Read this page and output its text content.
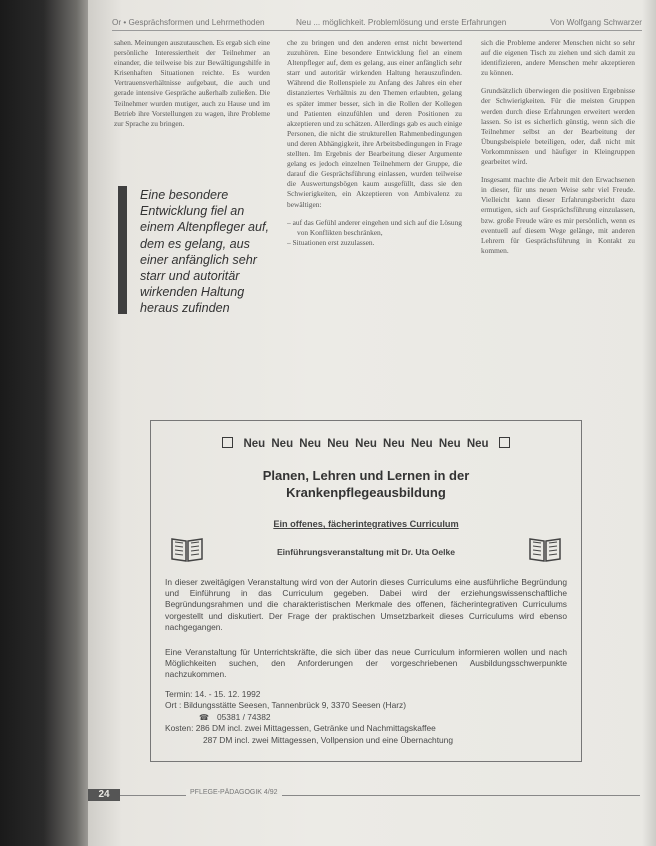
Or • Gesprächsformen und Lehrmethoden	Neu ... möglichkeit. Problemlösung und erste Erfahrungen	Von Wolfgang Schwarzer

sahen. Meinungen auszutauschen. Es ergab sich eine persönliche Interessiertheit der Teilnehmer an einander, die teilweise bis zur Bewältigungshilfe in Krisenhaften Situationen reichte. Es wurden Vertrauensverhältnisse aufgebaut, die auch und gerade intensive Gespräche außerhalb zuließen. Die Teilnehmer wurden mutiger, auch zu Hause und im Betrieb ihre Vorstellungen zu wagen, ihre Probleme zur Sprache zu bringen.

Eine besondere Entwicklung fiel an einem Altenpfleger auf, dem es gelang, aus einer anfänglich sehr starr und autoritär wirkenden Haltung heraus zufinden

che zu bringen und den anderen ernst nicht bewertend zuzuhören. Eine besondere Entwicklung fiel an einem Altenpfleger auf, dem es gelang, aus einer anfänglich sehr starr und autoritär wirkenden Haltung herauszufinden. Während die Rollenspiele zu Anfang des Jahres ein eher distanziertes Verhältnis zu den Themen erlaubten, gelang es später immer besser, sich in die Rollen der Kollegen und Patienten einzufühlen und deren Positionen zu akzeptieren und zu schätzen. Allerdings gab es auch einige Personen, die nicht die strukturellen Rahmenbedingungen und deren Abhängigkeit, ihre Arbeitsbedingungen in Frage stellten. Im Ergebnis der Bearbeitung dieser Argumente gelang es jedoch einzelnen Teilnehmern der Gruppe, die darauf die Gesprächsführung einlassen, wurden teilweise die Auswertungsbögen kaum ausgefüllt, dass sie den Schwierigkeiten, ein Akzeptieren von Ambivalenz zu bewältigen:

– auf das Gefühl anderer eingehen und sich auf die Lösung von Konflikten beschränken,

– Situationen erst zuzulassen.

sich die Probleme anderer Menschen nicht so sehr auf die eigenen Tisch zu ziehen und sich damit zu identifizieren, andere Menschen mehr akzeptieren zu können.

Grundsätzlich überwiegen die positiven Ergebnisse der Schwierigkeiten. Für die meisten Gruppen werden durch diese Erfahrungen erweitert werden lassen. So ist es sicherlich günstig, wenn sich die Teilnehmer selbst an der Bearbeitung der Übungsbeispiele beteiligen, oder, daß nicht mit Vorkommnissen und häufiger in Kleingruppen gearbeitet wird.

Insgesamt machte die Arbeit mit den Erwachsenen in dieser, für uns neuen Weise sehr viel Freude. Vielleicht kann dieser Erfahrungsbericht dazu ermutigen, sich auf Gesprächsführung einzulassen, bzw. große Freude wäre es mir persönlich, wenn es eventuell auf diesem Wege gelänge, mit anderen Lehrern für Gesprächsführung in Kontakt zu kommen.

Neu Neu Neu Neu Neu Neu Neu Neu Neu
Planen, Lehren und Lernen in der
Krankenpflegeausbildung
Ein offenes, fächerintegratives Curriculum
Einführungsveranstaltung mit Dr. Uta Oelke
In dieser zweitägigen Veranstaltung wird von der Autorin dieses Curriculums eine ausführliche Begründung und Einführung in das Curriculum gegeben. Dabei wird der erziehungswissenschaftliche Begründungsrahmen und die charakteristischen Merkmale des offenen, fächerintegrativen Curriculums vorgestellt und diskutiert. Der Frage der praktischen Umsetzbarkeit dieses Curriculums wird ebenso nachgegangen.
Eine Veranstaltung für Unterrichtskräfte, die sich über das neue Curriculum informieren wollen und nach Möglichkeiten suchen, den Anforderungen der vorgeschriebenen Ausbildungsschwerpunkte nachzukommen.
Termin: 14. - 15. 12. 1992
Ort : Bildungsstätte Seesen, Tannenbrück 9, 3370 Seesen (Harz)
☎ 05381 / 74382
Kosten: 286 DM incl. zwei Mittagessen, Getränke und Nachmittagskaffee
287 DM incl. zwei Mittagessen, Vollpension und eine Übernachtung
24	PFLEGE-PÄDAGOGIK 4/92
